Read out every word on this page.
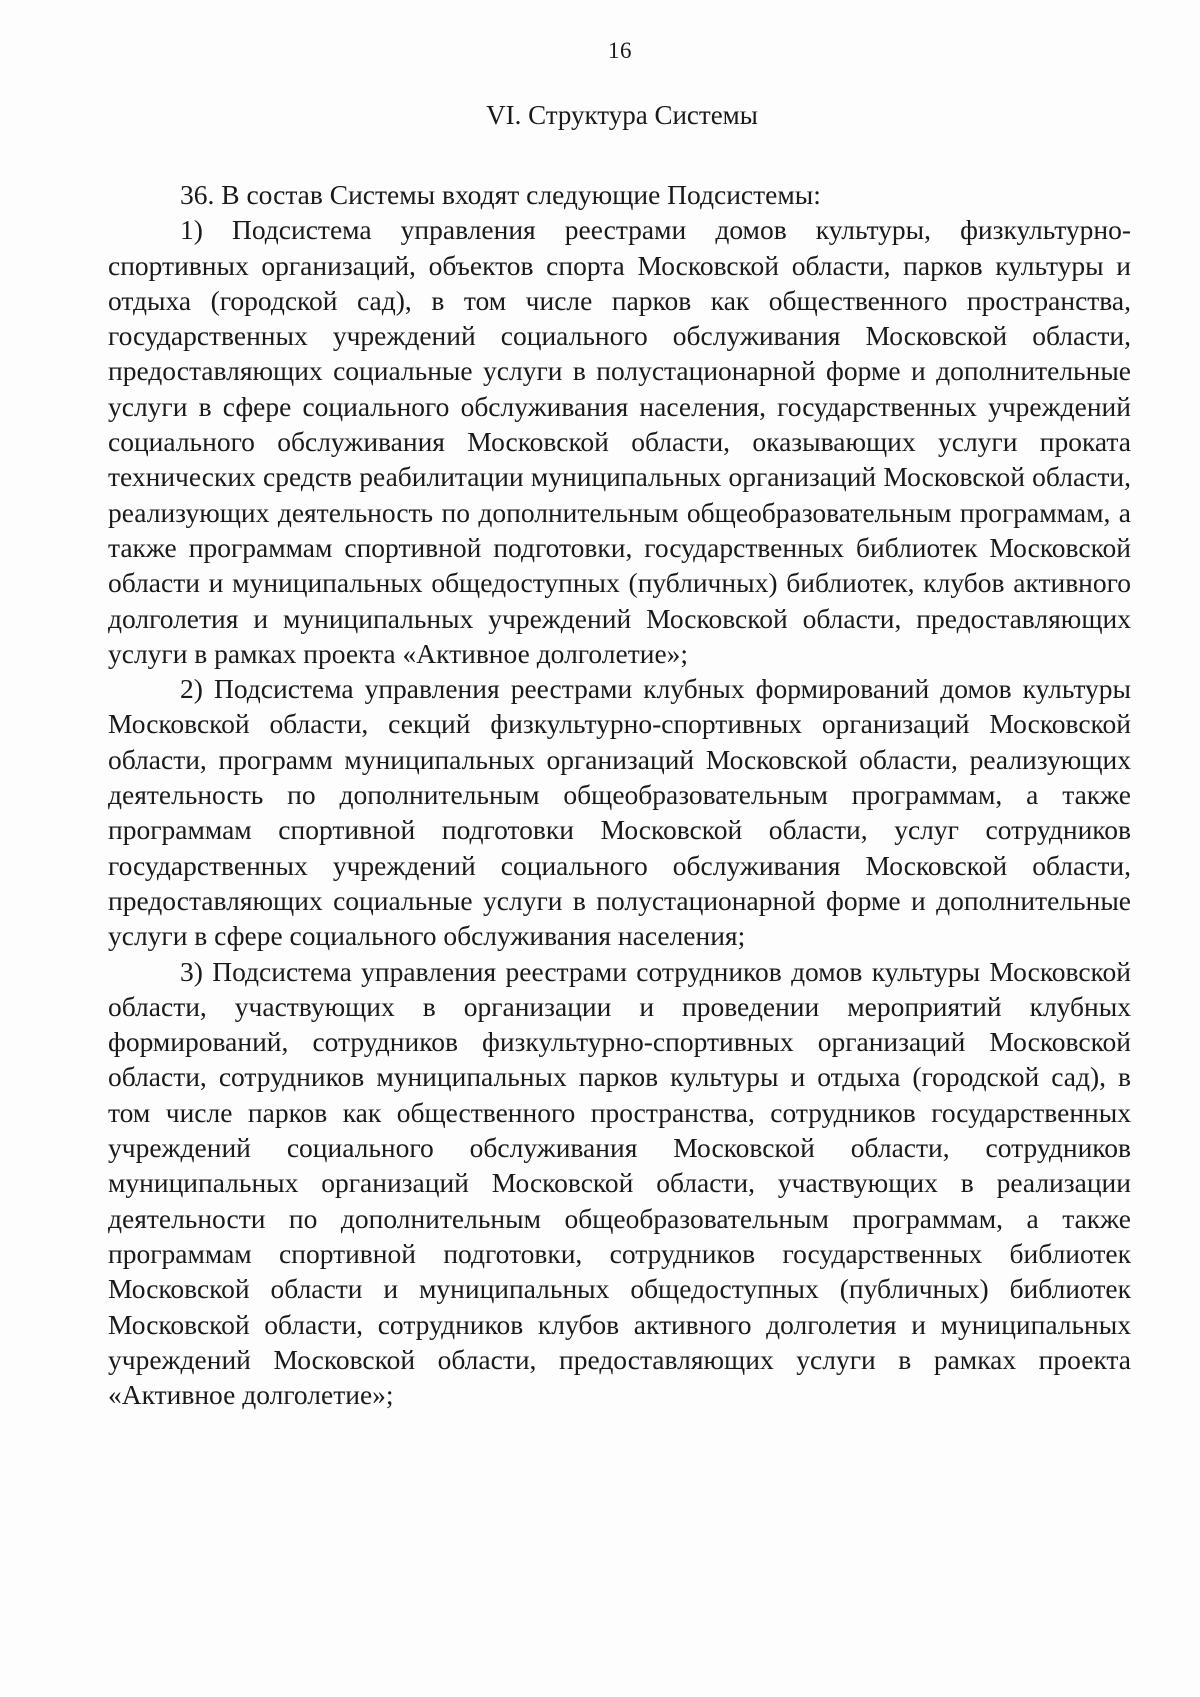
16
VI. Структура Системы

36. В состав Системы входят следующие Подсистемы:

1) Подсистема управления реестрами домов культуры, физкультурно-спортивных организаций, объектов спорта Московской области, парков культуры и отдыха (городской сад), в том числе парков как общественного пространства, государственных учреждений социального обслуживания Московской области, предоставляющих социальные услуги в полустационарной форме и дополнительные услуги в сфере социального обслуживания населения, государственных учреждений социального обслуживания Московской области, оказывающих услуги проката технических средств реабилитации муниципальных организаций Московской области, реализующих деятельность по дополнительным общеобразовательным программам, а также программам спортивной подготовки, государственных библиотек Московской области и муниципальных общедоступных (публичных) библиотек, клубов активного долголетия и муниципальных учреждений Московской области, предоставляющих услуги в рамках проекта «Активное долголетие»;

2) Подсистема управления реестрами клубных формирований домов культуры Московской области, секций физкультурно-спортивных организаций Московской области, программ муниципальных организаций Московской области, реализующих деятельность по дополнительным общеобразовательным программам, а также программам спортивной подготовки Московской области, услуг сотрудников государственных учреждений социального обслуживания Московской области, предоставляющих социальные услуги в полустационарной форме и дополнительные услуги в сфере социального обслуживания населения;

3) Подсистема управления реестрами сотрудников домов культуры Московской области, участвующих в организации и проведении мероприятий клубных формирований, сотрудников физкультурно-спортивных организаций Московской области, сотрудников муниципальных парков культуры и отдыха (городской сад), в том числе парков как общественного пространства, сотрудников государственных учреждений социального обслуживания Московской области, сотрудников муниципальных организаций Московской области, участвующих в реализации деятельности по дополнительным общеобразовательным программам, а также программам спортивной подготовки, сотрудников государственных библиотек Московской области и муниципальных общедоступных (публичных) библиотек Московской области, сотрудников клубов активного долголетия и муниципальных учреждений Московской области, предоставляющих услуги в рамках проекта «Активное долголетие»;
